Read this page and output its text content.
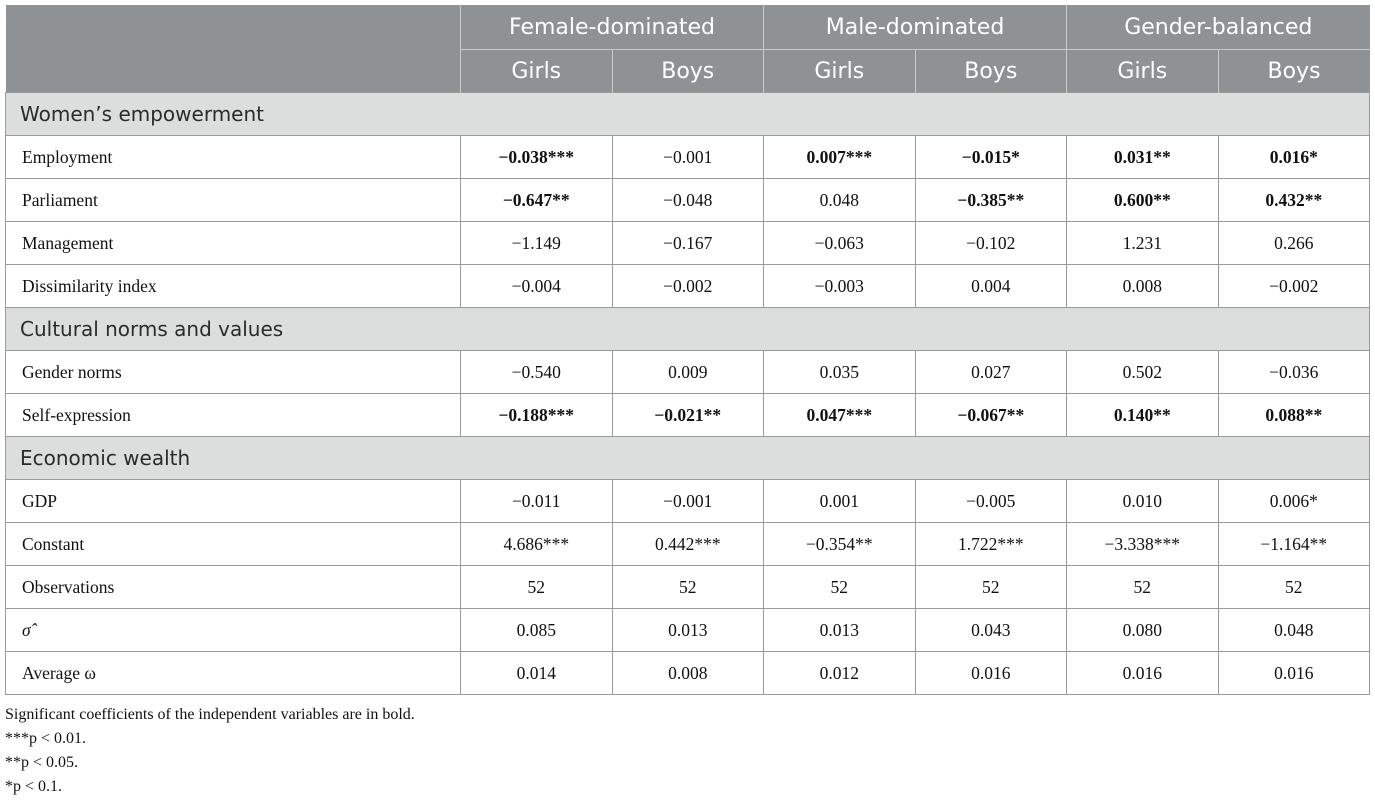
	Female-dominated		Male-dominated		Gender-balanced	
	Girls	Boys	Girls	Boys	Girls	Boys
Women’s empowerment						
Employment	−0.038***	−0.001	0.007***	−0.015*	0.031**	0.016*
Parliament	−0.647**	−0.048	0.048	−0.385**	0.600**	0.432**
Management	−1.149	−0.167	−0.063	−0.102	1.231	0.266
Dissimilarity index	−0.004	−0.002	−0.003	0.004	0.008	−0.002
Cultural norms and values						
Gender norms	−0.540	0.009	0.035	0.027	0.502	−0.036
Self-expression	−0.188***	−0.021**	0.047***	−0.067**	0.140**	0.088**
Economic wealth						
GDP	−0.011	−0.001	0.001	−0.005	0.010	0.006*
Constant	4.686***	0.442***	−0.354**	1.722***	−3.338***	−1.164**
Observations	52	52	52	52	52	52
σ̂	0.085	0.013	0.013	0.043	0.080	0.048
Average ω	0.014	0.008	0.012	0.016	0.016	0.016
Significant coefficients of the independent variables are in bold.
***p < 0.01.
**p < 0.05.
*p < 0.1.
